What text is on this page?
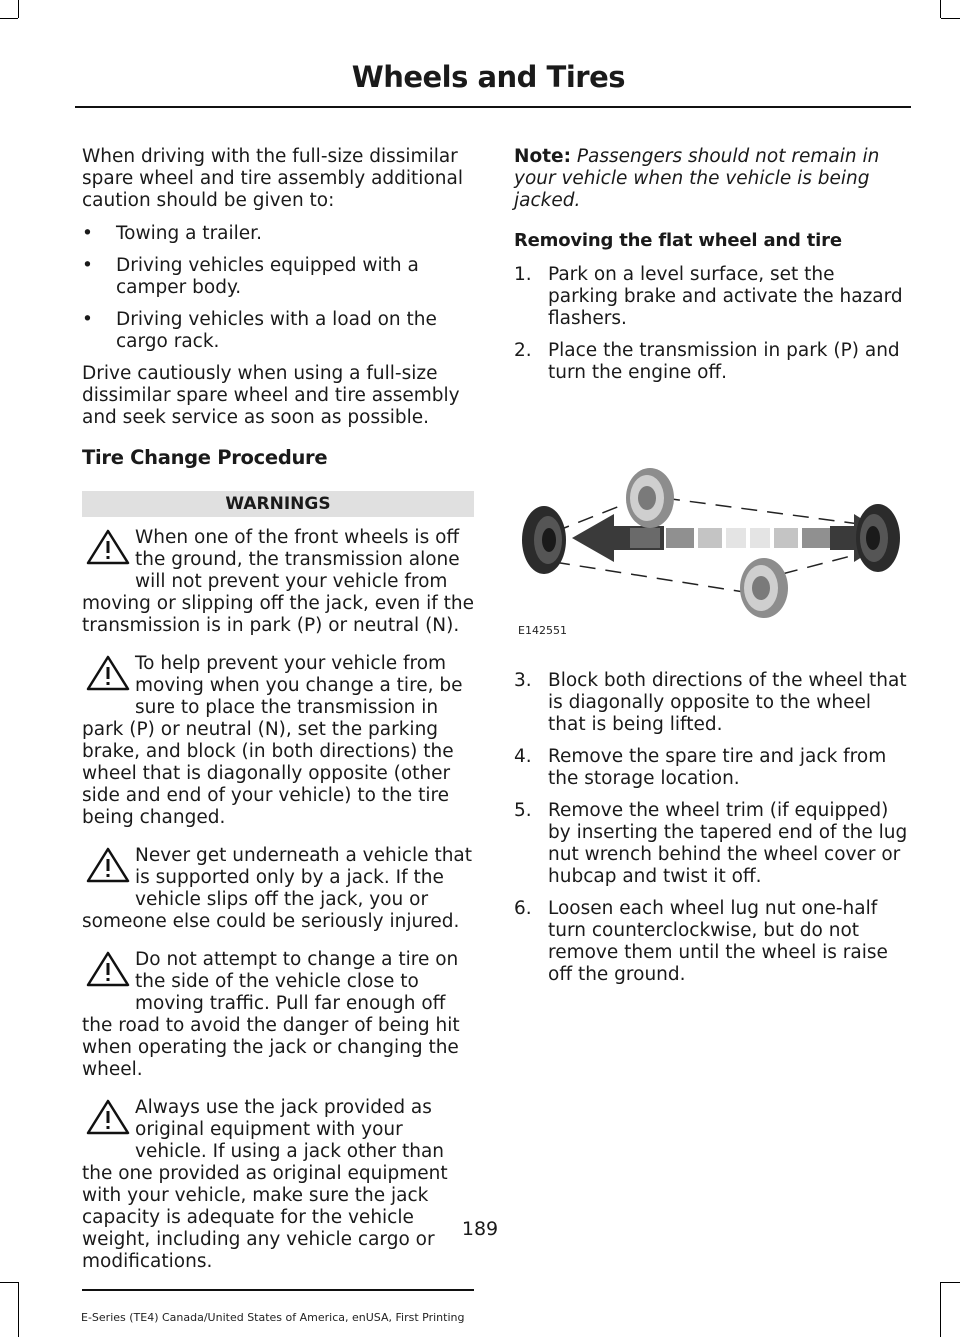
Wheels and Tires

When driving with the full-size dissimilar spare wheel and tire assembly additional caution should be given to:

• Towing a trailer.
• Driving vehicles equipped with a camper body.
• Driving vehicles with a load on the cargo rack.

Drive cautiously when using a full-size dissimilar spare wheel and tire assembly and seek service as soon as possible.

Tire Change Procedure
WARNINGS
When one of the front wheels is off the ground, the transmission alone will not prevent your vehicle from moving or slipping off the jack, even if the transmission is in park (P) or neutral (N).
To help prevent your vehicle from moving when you change a tire, be sure to place the transmission in park (P) or neutral (N), set the parking brake, and block (in both directions) the wheel that is diagonally opposite (other side and end of your vehicle) to the tire being changed.
Never get underneath a vehicle that is supported only by a jack. If the vehicle slips off the jack, you or someone else could be seriously injured.
Do not attempt to change a tire on the side of the vehicle close to moving traffic. Pull far enough off the road to avoid the danger of being hit when operating the jack or changing the wheel.
Always use the jack provided as original equipment with your vehicle. If using a jack other than the one provided as original equipment with your vehicle, make sure the jack capacity is adequate for the vehicle weight, including any vehicle cargo or modifications.

Note: Passengers should not remain in your vehicle when the vehicle is being jacked.

Removing the flat wheel and tire
1. Park on a level surface, set the parking brake and activate the hazard flashers.
2. Place the transmission in park (P) and turn the engine off.
E142551
3. Block both directions of the wheel that is diagonally opposite to the wheel that is being lifted.
4. Remove the spare tire and jack from the storage location.
5. Remove the wheel trim (if equipped) by inserting the tapered end of the lug nut wrench behind the wheel cover or hubcap and twist it off.
6. Loosen each wheel lug nut one-half turn counterclockwise, but do not remove them until the wheel is raise off the ground.
189
E-Series (TE4) Canada/United States of America, enUSA, First Printing
